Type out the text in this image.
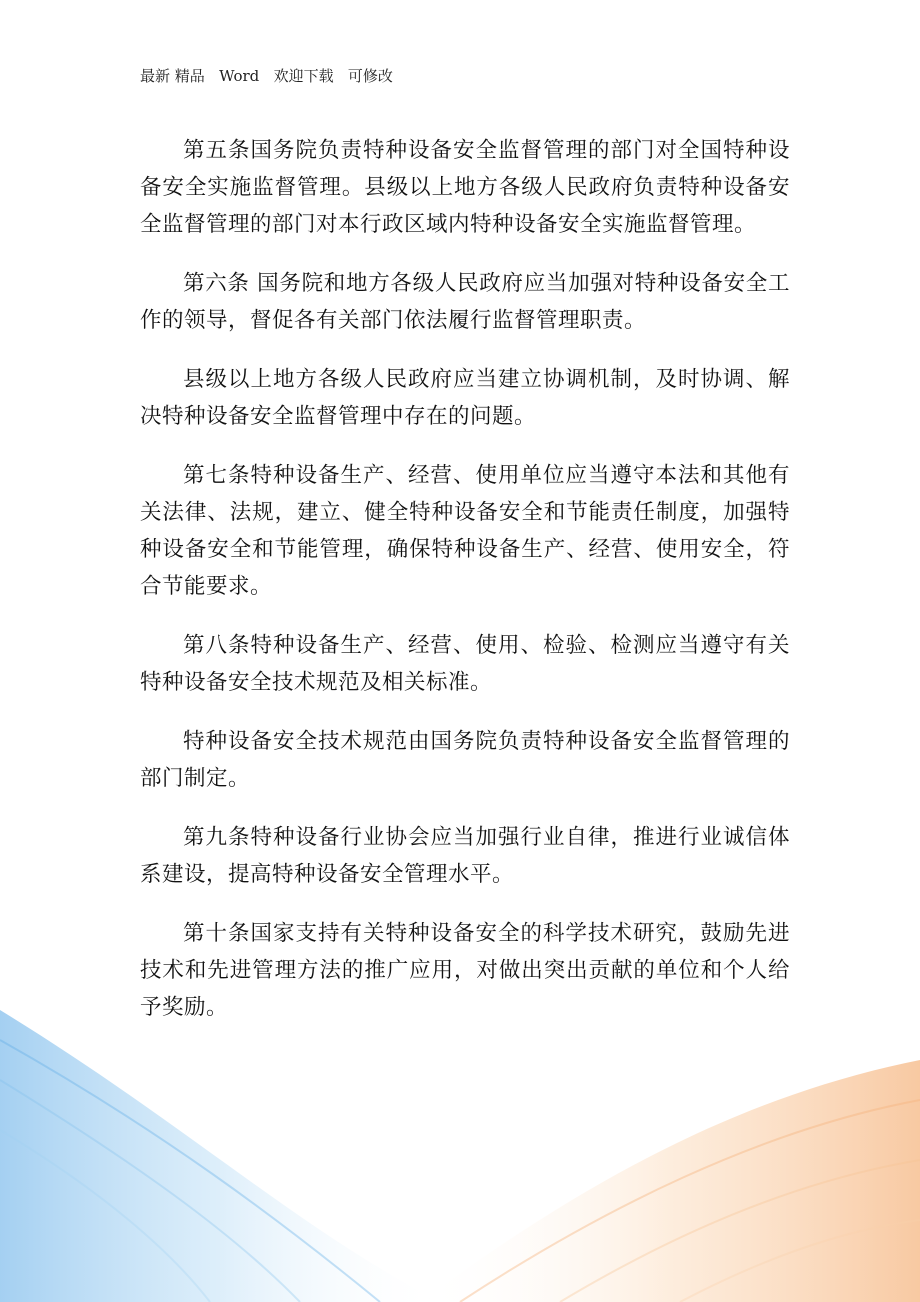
最新 精品   Word   欢迎下载   可修改

第五条国务院负责特种设备安全监督管理的部门对全国特种设备安全实施监督管理。县级以上地方各级人民政府负责特种设备安全监督管理的部门对本行政区域内特种设备安全实施监督管理。

第六条 国务院和地方各级人民政府应当加强对特种设备安全工作的领导，督促各有关部门依法履行监督管理职责。

县级以上地方各级人民政府应当建立协调机制，及时协调、解决特种设备安全监督管理中存在的问题。

第七条特种设备生产、经营、使用单位应当遵守本法和其他有关法律、法规，建立、健全特种设备安全和节能责任制度，加强特种设备安全和节能管理，确保特种设备生产、经营、使用安全，符合节能要求。

第八条特种设备生产、经营、使用、检验、检测应当遵守有关特种设备安全技术规范及相关标准。

特种设备安全技术规范由国务院负责特种设备安全监督管理的部门制定。

第九条特种设备行业协会应当加强行业自律，推进行业诚信体系建设，提高特种设备安全管理水平。

第十条国家支持有关特种设备安全的科学技术研究，鼓励先进技术和先进管理方法的推广应用，对做出突出贡献的单位和个人给予奖励。
